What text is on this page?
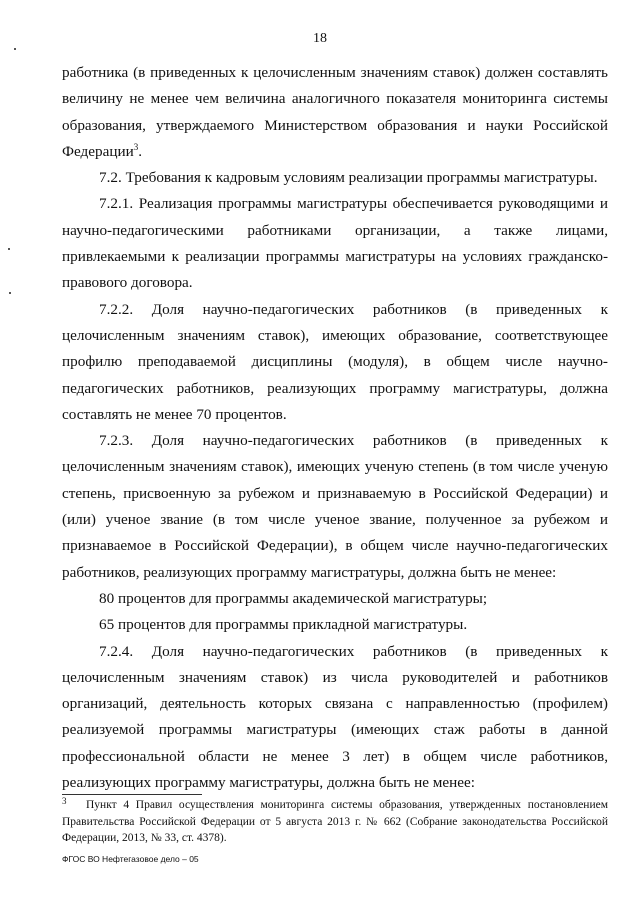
18

работника (в приведенных к целочисленным значениям ставок) должен составлять величину не менее чем величина аналогичного показателя мониторинга системы образования, утверждаемого Министерством образования и науки Российской Федерации$^3$.

7.2. Требования к кадровым условиям реализации программы магистратуры.

7.2.1. Реализация программы магистратуры обеспечивается руководящими и научно-педагогическими работниками организации, а также лицами, привлекаемыми к реализации программы магистратуры на условиях гражданско-правового договора.

7.2.2. Доля научно-педагогических работников (в приведенных к целочисленным значениям ставок), имеющих образование, соответствующее профилю преподаваемой дисциплины (модуля), в общем числе научно-педагогических работников, реализующих программу магистратуры, должна составлять не менее 70 процентов.

7.2.3. Доля научно-педагогических работников (в приведенных к целочисленным значениям ставок), имеющих ученую степень (в том числе ученую степень, присвоенную за рубежом и признаваемую в Российской Федерации) и (или) ученое звание (в том числе ученое звание, полученное за рубежом и признаваемое в Российской Федерации), в общем числе научно-педагогических работников, реализующих программу магистратуры, должна быть не менее:

80 процентов для программы академической магистратуры;

65 процентов для программы прикладной магистратуры.

7.2.4. Доля научно-педагогических работников (в приведенных к целочисленным значениям ставок) из числа руководителей и работников организаций, деятельность которых связана с направленностью (профилем) реализуемой программы магистратуры (имеющих стаж работы в данной профессиональной области не менее 3 лет) в общем числе работников, реализующих программу магистратуры, должна быть не менее:

3 Пункт 4 Правил осуществления мониторинга системы образования, утвержденных постановлением Правительства Российской Федерации от 5 августа 2013 г. № 662 (Собрание законодательства Российской Федерации, 2013, № 33, ст. 4378).
ФГОС ВО Нефтегазовое дело – 05
